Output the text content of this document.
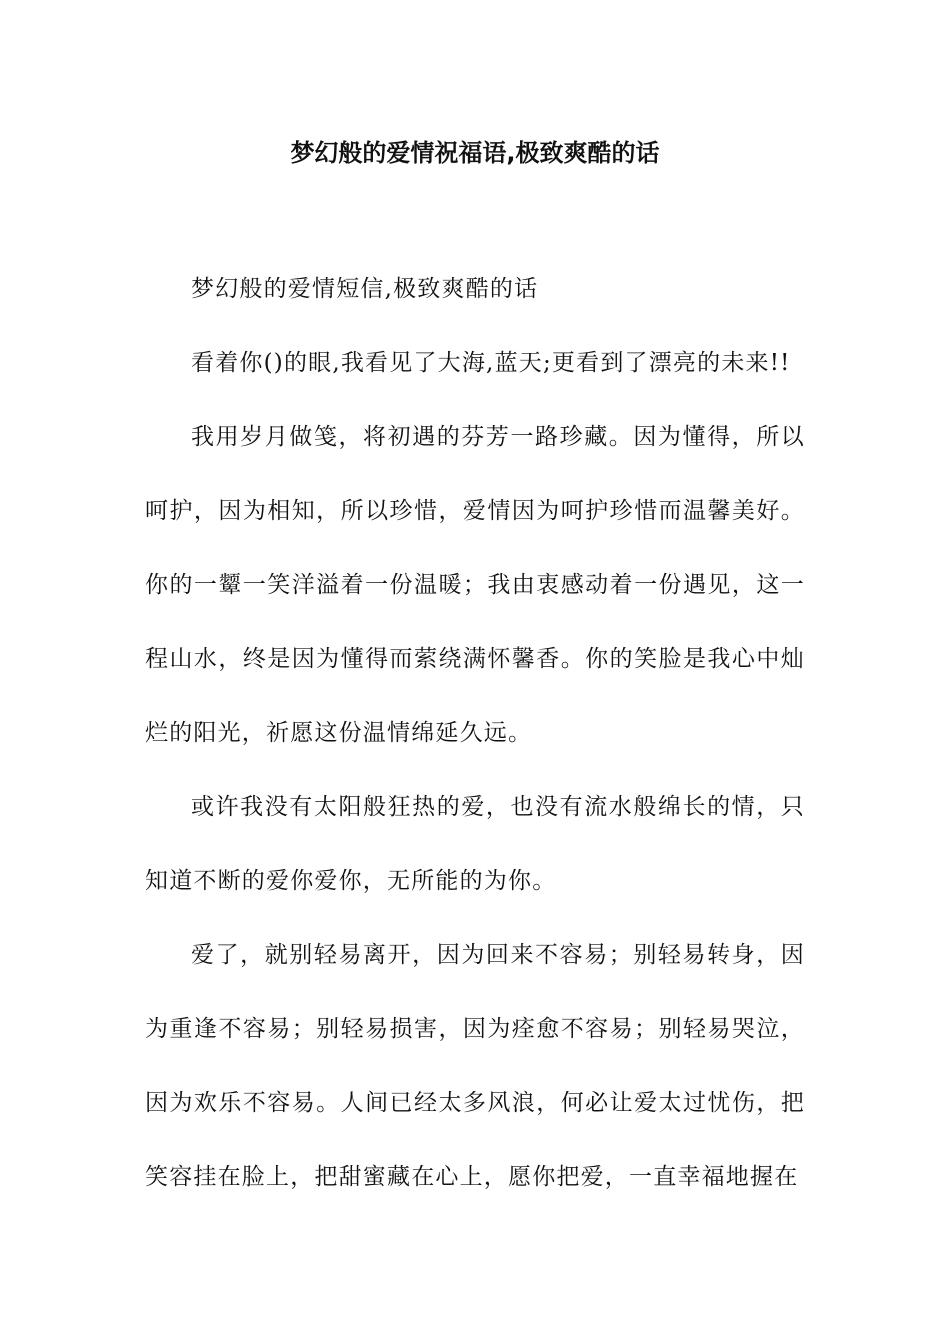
梦幻般的爱情祝福语,极致爽酷的话

梦幻般的爱情短信,极致爽酷的话

看着你()的眼,我看见了大海,蓝天;更看到了漂亮的未来!!

我用岁月做笺，将初遇的芬芳一路珍藏。因为懂得，所以呵护，因为相知，所以珍惜，爱情因为呵护珍惜而温馨美好。你的一颦一笑洋溢着一份温暖；我由衷感动着一份遇见，这一程山水，终是因为懂得而萦绕满怀馨香。你的笑脸是我心中灿烂的阳光，祈愿这份温情绵延久远。

或许我没有太阳般狂热的爱，也没有流水般绵长的情，只知道不断的爱你爱你，无所能的为你。

爱了，就别轻易离开，因为回来不容易；别轻易转身，因为重逢不容易；别轻易损害，因为痊愈不容易；别轻易哭泣，因为欢乐不容易。人间已经太多风浪，何必让爱太过忧伤，把笑容挂在脸上，把甜蜜藏在心上，愿你把爱，一直幸福地握在
